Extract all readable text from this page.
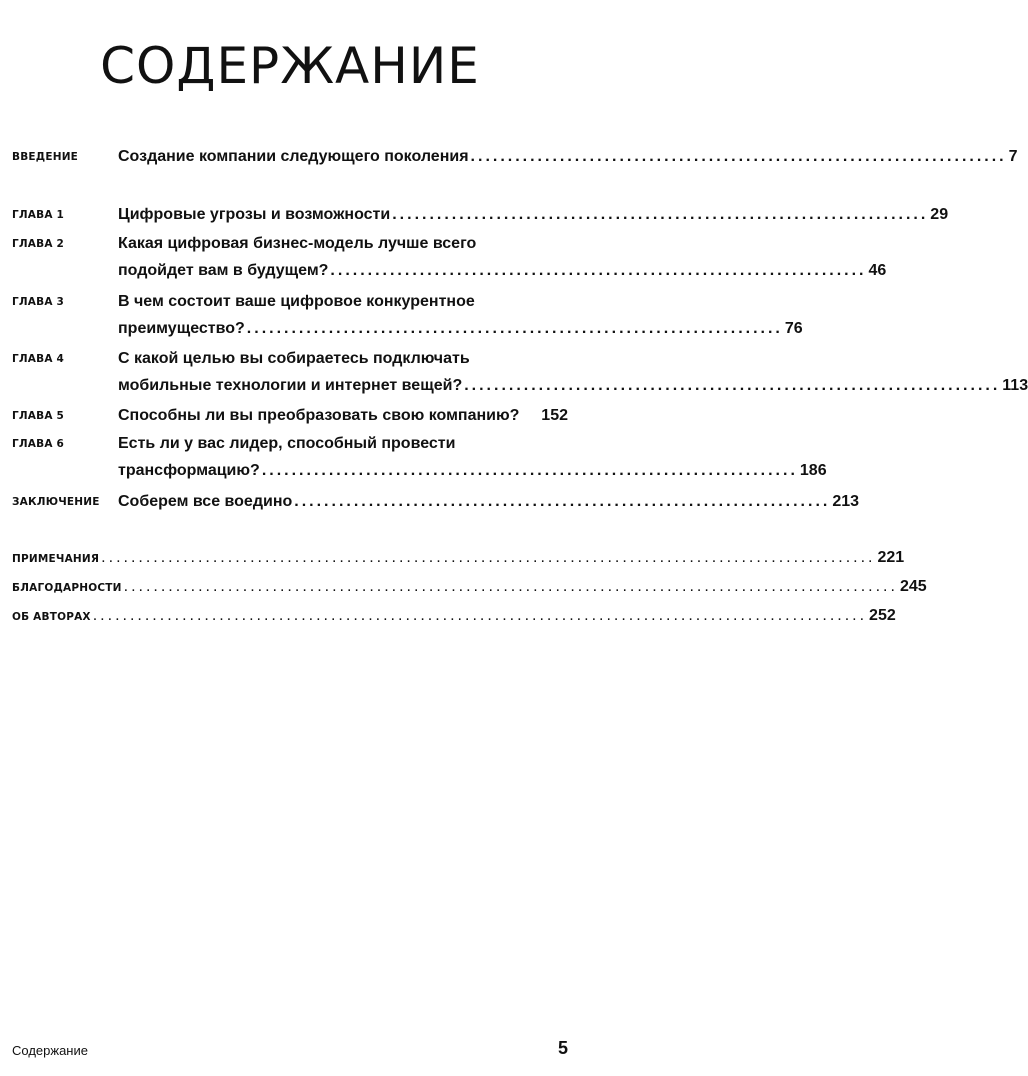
СОДЕРЖАНИЕ
ВВЕДЕНИЕ Создание компании следующего поколения ........................................................................ 7
ГЛАВА 1	Цифровые угрозы и возможности ........................................................................ 29
ГЛАВА 2	Какая цифровая бизнес-модель лучше всего
подойдет вам в будущем? ........................................................................ 46
ГЛАВА 3	В чем состоит ваше цифровое конкурентное
преимущество? ........................................................................ 76
ГЛАВА 4	С какой целью вы собираетесь подключать
мобильные технологии и интернет вещей? ........................................................................ 113
ГЛАВА 5	Способны ли вы преобразовать свою компанию? 152
ГЛАВА 6	Есть ли у вас лидер, способный провести
трансформацию? ........................................................................ 186
ЗАКЛЮЧЕНИЕ Соберем все воедино ........................................................................ 213
ПРИМЕЧАНИЯ ........................................................................................................ 221
БЛАГОДАРНОСТИ ........................................................................................................ 245
ОБ АВТОРАХ ........................................................................................................ 252
Содержание	5
